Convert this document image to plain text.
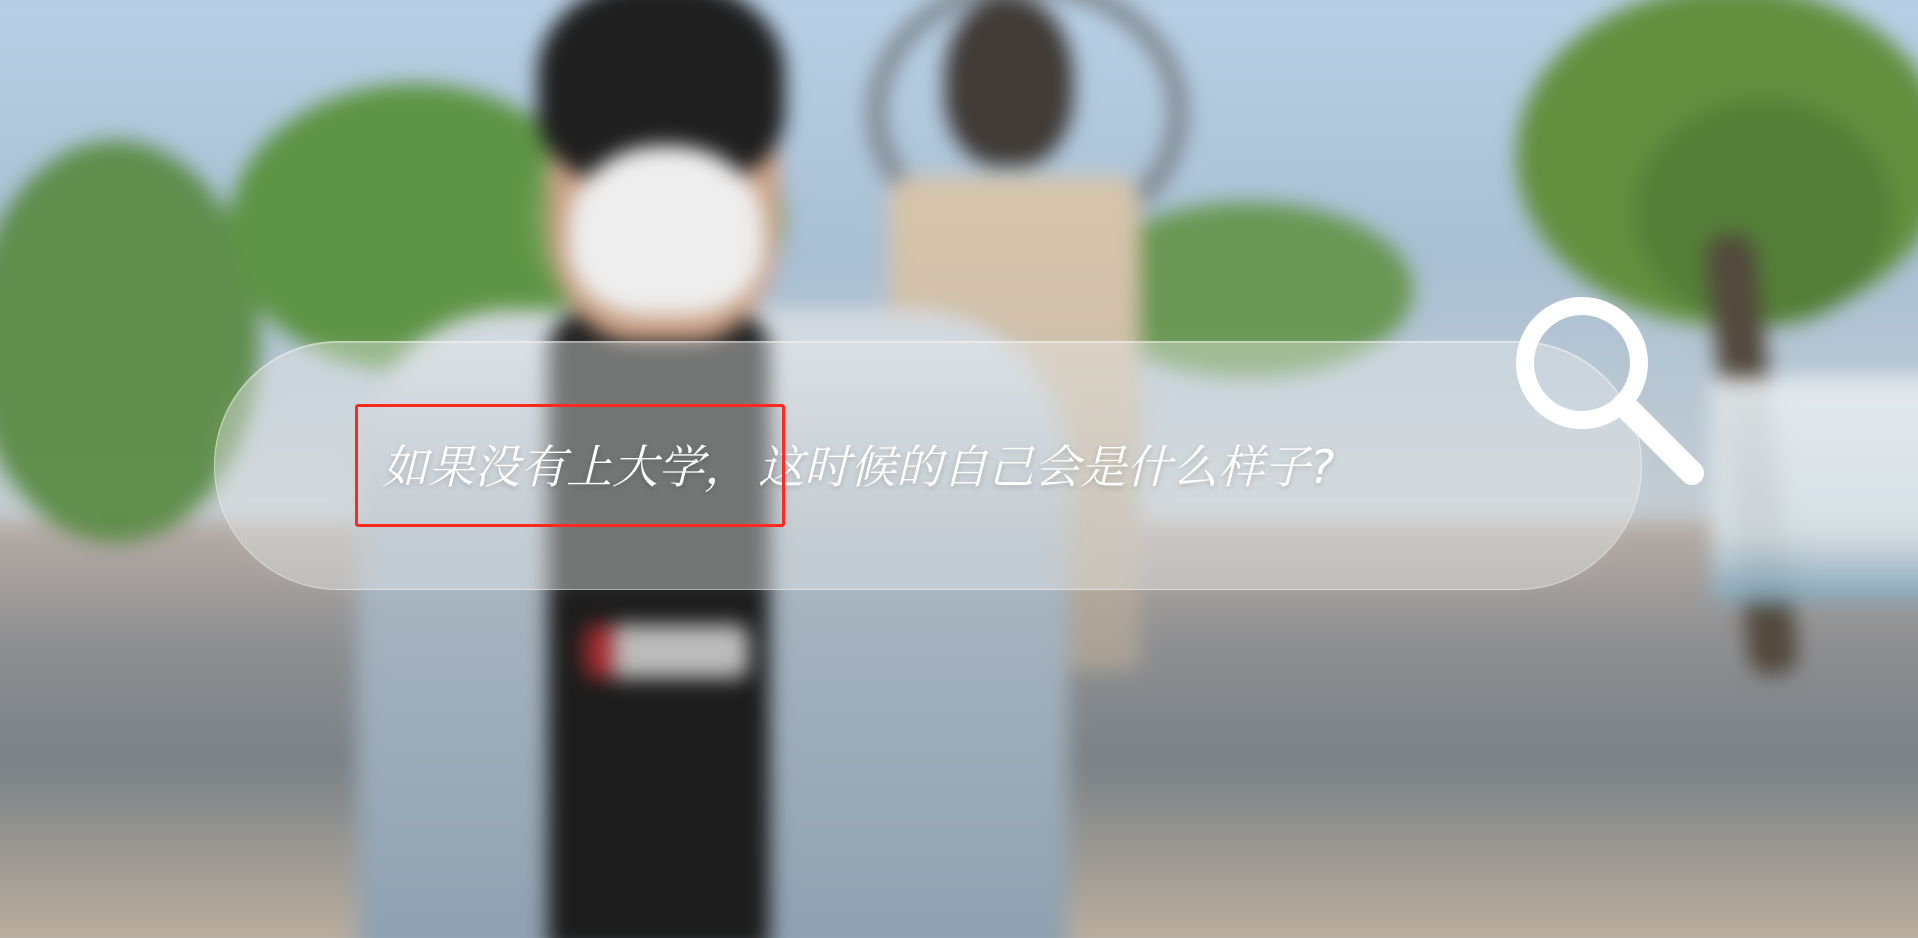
如果没有上大学， 这时候的自己会是什么样子?
